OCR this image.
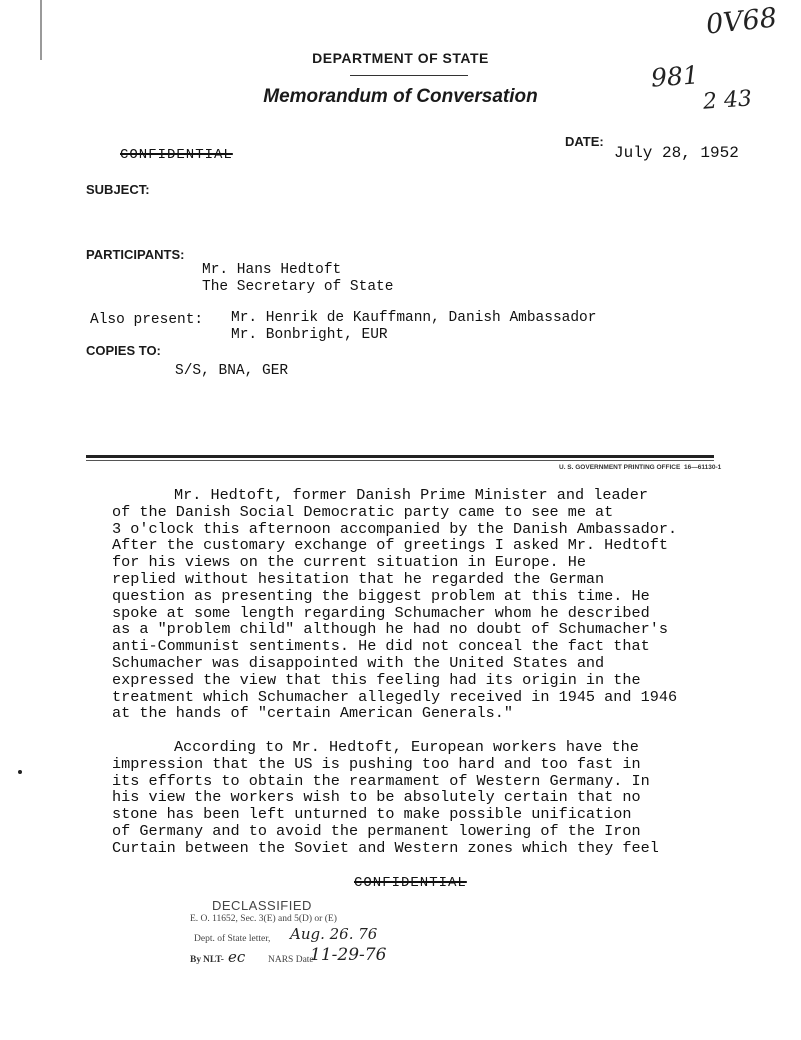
DEPARTMENT OF STATE
Memorandum of Conversation
0V68
981
2 43
CONFIDENTIAL
DATE:
July 28, 1952
SUBJECT:
PARTICIPANTS:
Mr. Hans Hedtoft
The Secretary of State
Also present: Mr. Henrik de Kauffmann, Danish Ambassador
Mr. Bonbright, EUR
COPIES TO:
S/S, BNA, GER
U. S. GOVERNMENT PRINTING OFFICE 16—61130-1
Mr. Hedtoft, former Danish Prime Minister and leader
of the Danish Social Democratic party came to see me at
3 o'clock this afternoon accompanied by the Danish Ambassador.
After the customary exchange of greetings I asked Mr. Hedtoft
for his views on the current situation in Europe. He
replied without hesitation that he regarded the German
question as presenting the biggest problem at this time. He
spoke at some length regarding Schumacher whom he described
as a "problem child" although he had no doubt of Schumacher's
anti-Communist sentiments. He did not conceal the fact that
Schumacher was disappointed with the United States and
expressed the view that this feeling had its origin in the
treatment which Schumacher allegedly received in 1945 and 1946
at the hands of "certain American Generals."
According to Mr. Hedtoft, European workers have the
impression that the US is pushing too hard and too fast in
its efforts to obtain the rearmament of Western Germany. In
his view the workers wish to be absolutely certain that no
stone has been left unturned to make possible unification
of Germany and to avoid the permanent lowering of the Iron
Curtain between the Soviet and Western zones which they feel
CONFIDENTIAL
DECLASSIFIED
E. O. 11652, Sec. 3(E) and 5(D) or (E)
Dept. of State letter, Aug. 26. 76
By NLT- ec NARS Date
11-29-76
